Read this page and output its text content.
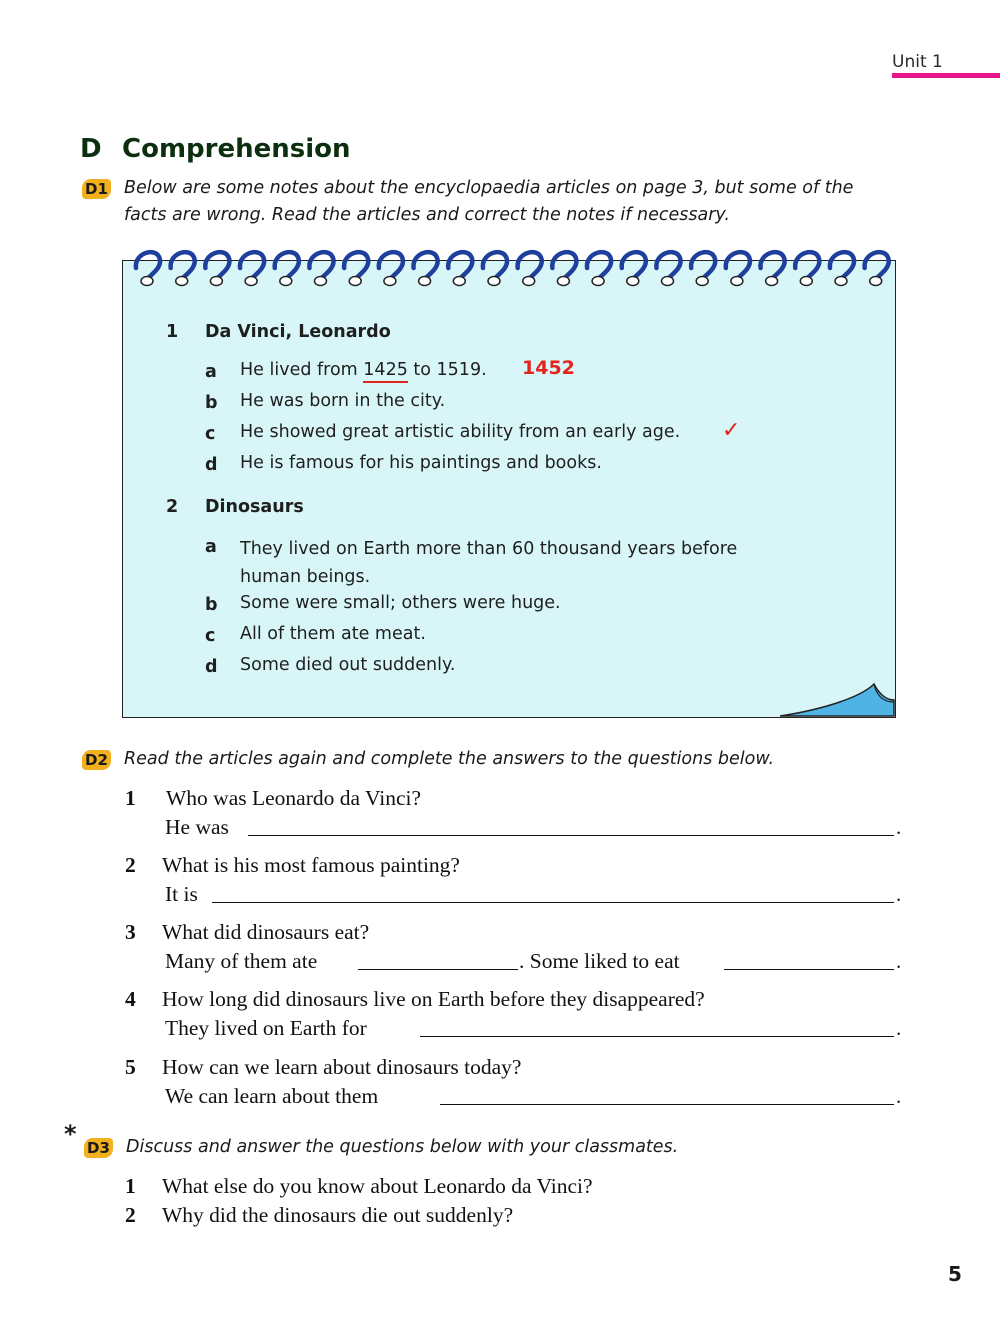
Unit 1
D Comprehension
D1 Below are some notes about the encyclopaedia articles on page 3, but some of the
facts are wrong. Read the articles and correct the notes if necessary.
1 Da Vinci, Leonardo
a He lived from 1425 to 1519. 1452
b He was born in the city.
c He showed great artistic ability from an early age. ✓
d He is famous for his paintings and books.
2 Dinosaurs
a They lived on Earth more than 60 thousand years before
human beings.
b Some were small; others were huge.
c All of them ate meat.
d Some died out suddenly.
D2 Read the articles again and complete the answers to the questions below.
1 Who was Leonardo da Vinci?
He was	.
2 What is his most famous painting?
It is	.
3 What did dinosaurs eat?
Many of them ate	. Some liked to eat	.
4 How long did dinosaurs live on Earth before they disappeared?
They lived on Earth for	.
5 How can we learn about dinosaurs today?
We can learn about them	.
* D3 Discuss and answer the questions below with your classmates.
1 What else do you know about Leonardo da Vinci?
2 Why did the dinosaurs die out suddenly?
5
